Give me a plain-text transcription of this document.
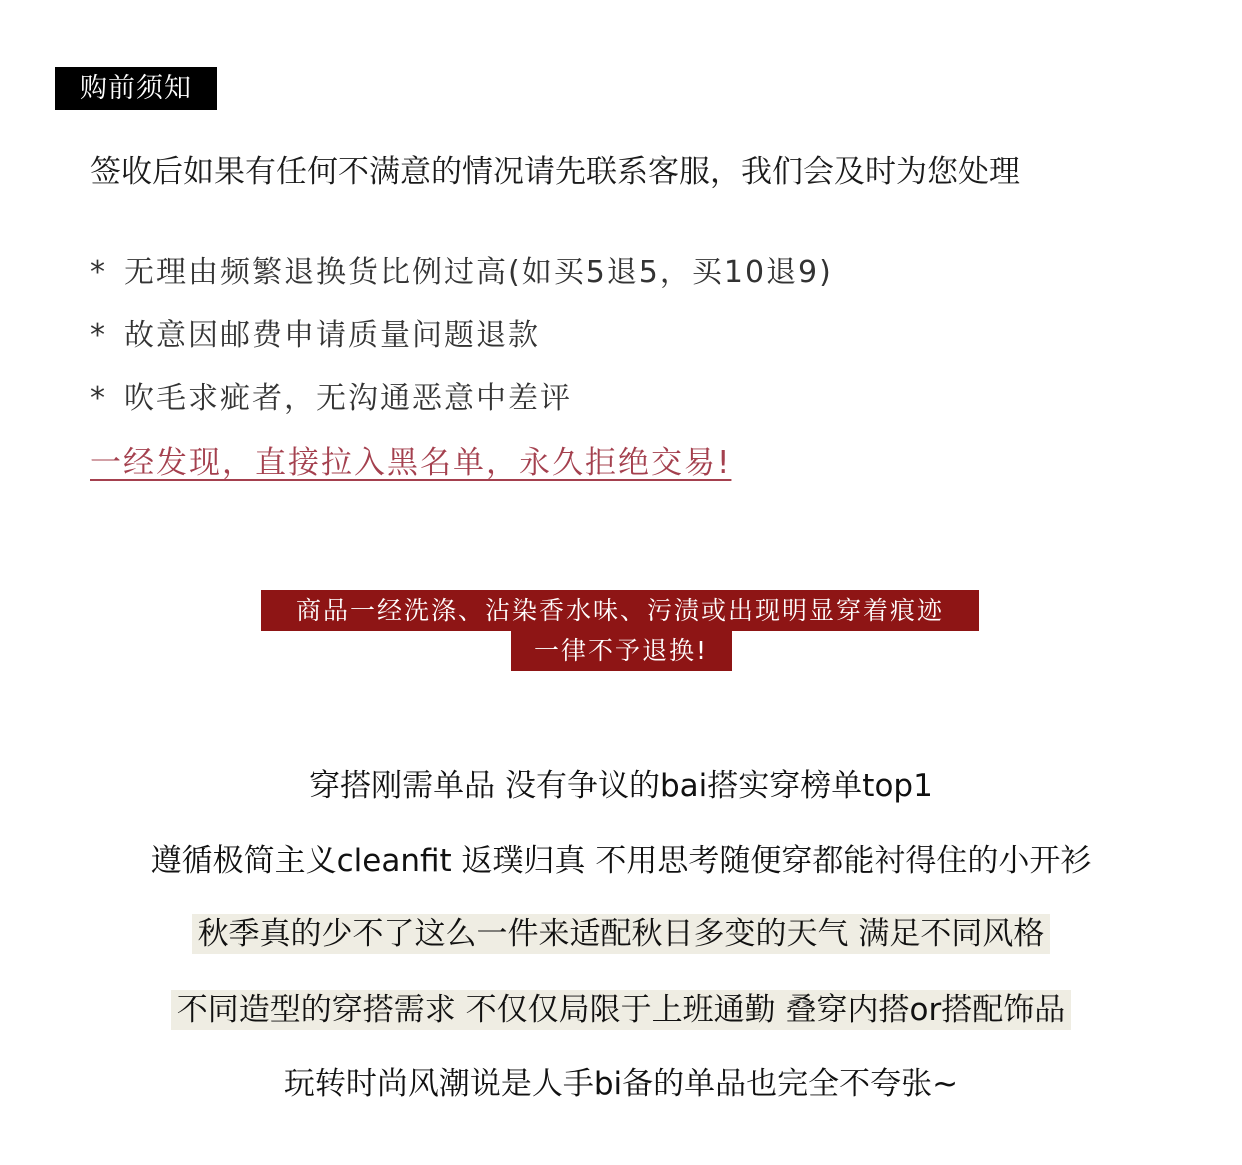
购前须知
签收后如果有任何不满意的情况请先联系客服，我们会及时为您处理
* 无理由频繁退换货比例过高(如买5退5，买10退9)
* 故意因邮费申请质量问题退款
* 吹毛求疵者，无沟通恶意中差评
一经发现，直接拉入黑名单，永久拒绝交易!
商品一经洗涤、沾染香水味、污渍或出现明显穿着痕迹
一律不予退换!
穿搭刚需单品 没有争议的bai搭实穿榜单top1
遵循极简主义cleanfit 返璞归真 不用思考随便穿都能衬得住的小开衫
秋季真的少不了这么一件来适配秋日多变的天气 满足不同风格
不同造型的穿搭需求 不仅仅局限于上班通勤 叠穿内搭or搭配饰品
玩转时尚风潮说是人手bi备的单品也完全不夸张~
